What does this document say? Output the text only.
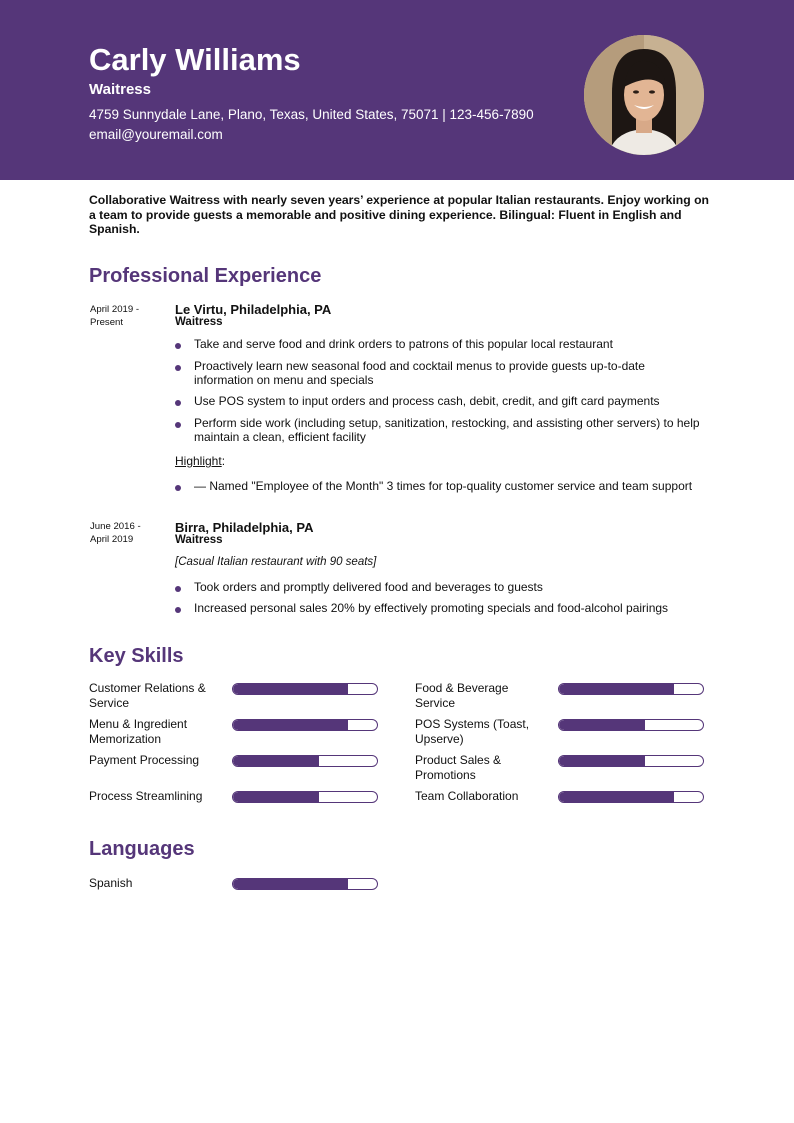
Carly Williams
Waitress
4759 Sunnydale Lane, Plano, Texas, United States, 75071 | 123-456-7890
email@youremail.com

Collaborative Waitress with nearly seven years’ experience at popular Italian restaurants. Enjoy working on a team to provide guests a memorable and positive dining experience. Bilingual: Fluent in English and Spanish.

Professional Experience
April 2019 - Present
Le Virtu, Philadelphia, PA
Waitress
Take and serve food and drink orders to patrons of this popular local restaurant
Proactively learn new seasonal food and cocktail menus to provide guests up-to-date information on menu and specials
Use POS system to input orders and process cash, debit, credit, and gift card payments
Perform side work (including setup, sanitization, restocking, and assisting other servers) to help maintain a clean, efficient facility
Highlight:
— Named "Employee of the Month" 3 times for top-quality customer service and team support
June 2016 - April 2019
Birra, Philadelphia, PA
Waitress
[Casual Italian restaurant with 90 seats]
Took orders and promptly delivered food and beverages to guests
Increased personal sales 20% by effectively promoting specials and food-alcohol pairings
Key Skills
Customer Relations & Service
Food & Beverage Service
Menu & Ingredient Memorization
POS Systems (Toast, Upserve)
Payment Processing	Product Sales & Promotions
Process Streamlining	Team Collaboration
Languages
Spanish
